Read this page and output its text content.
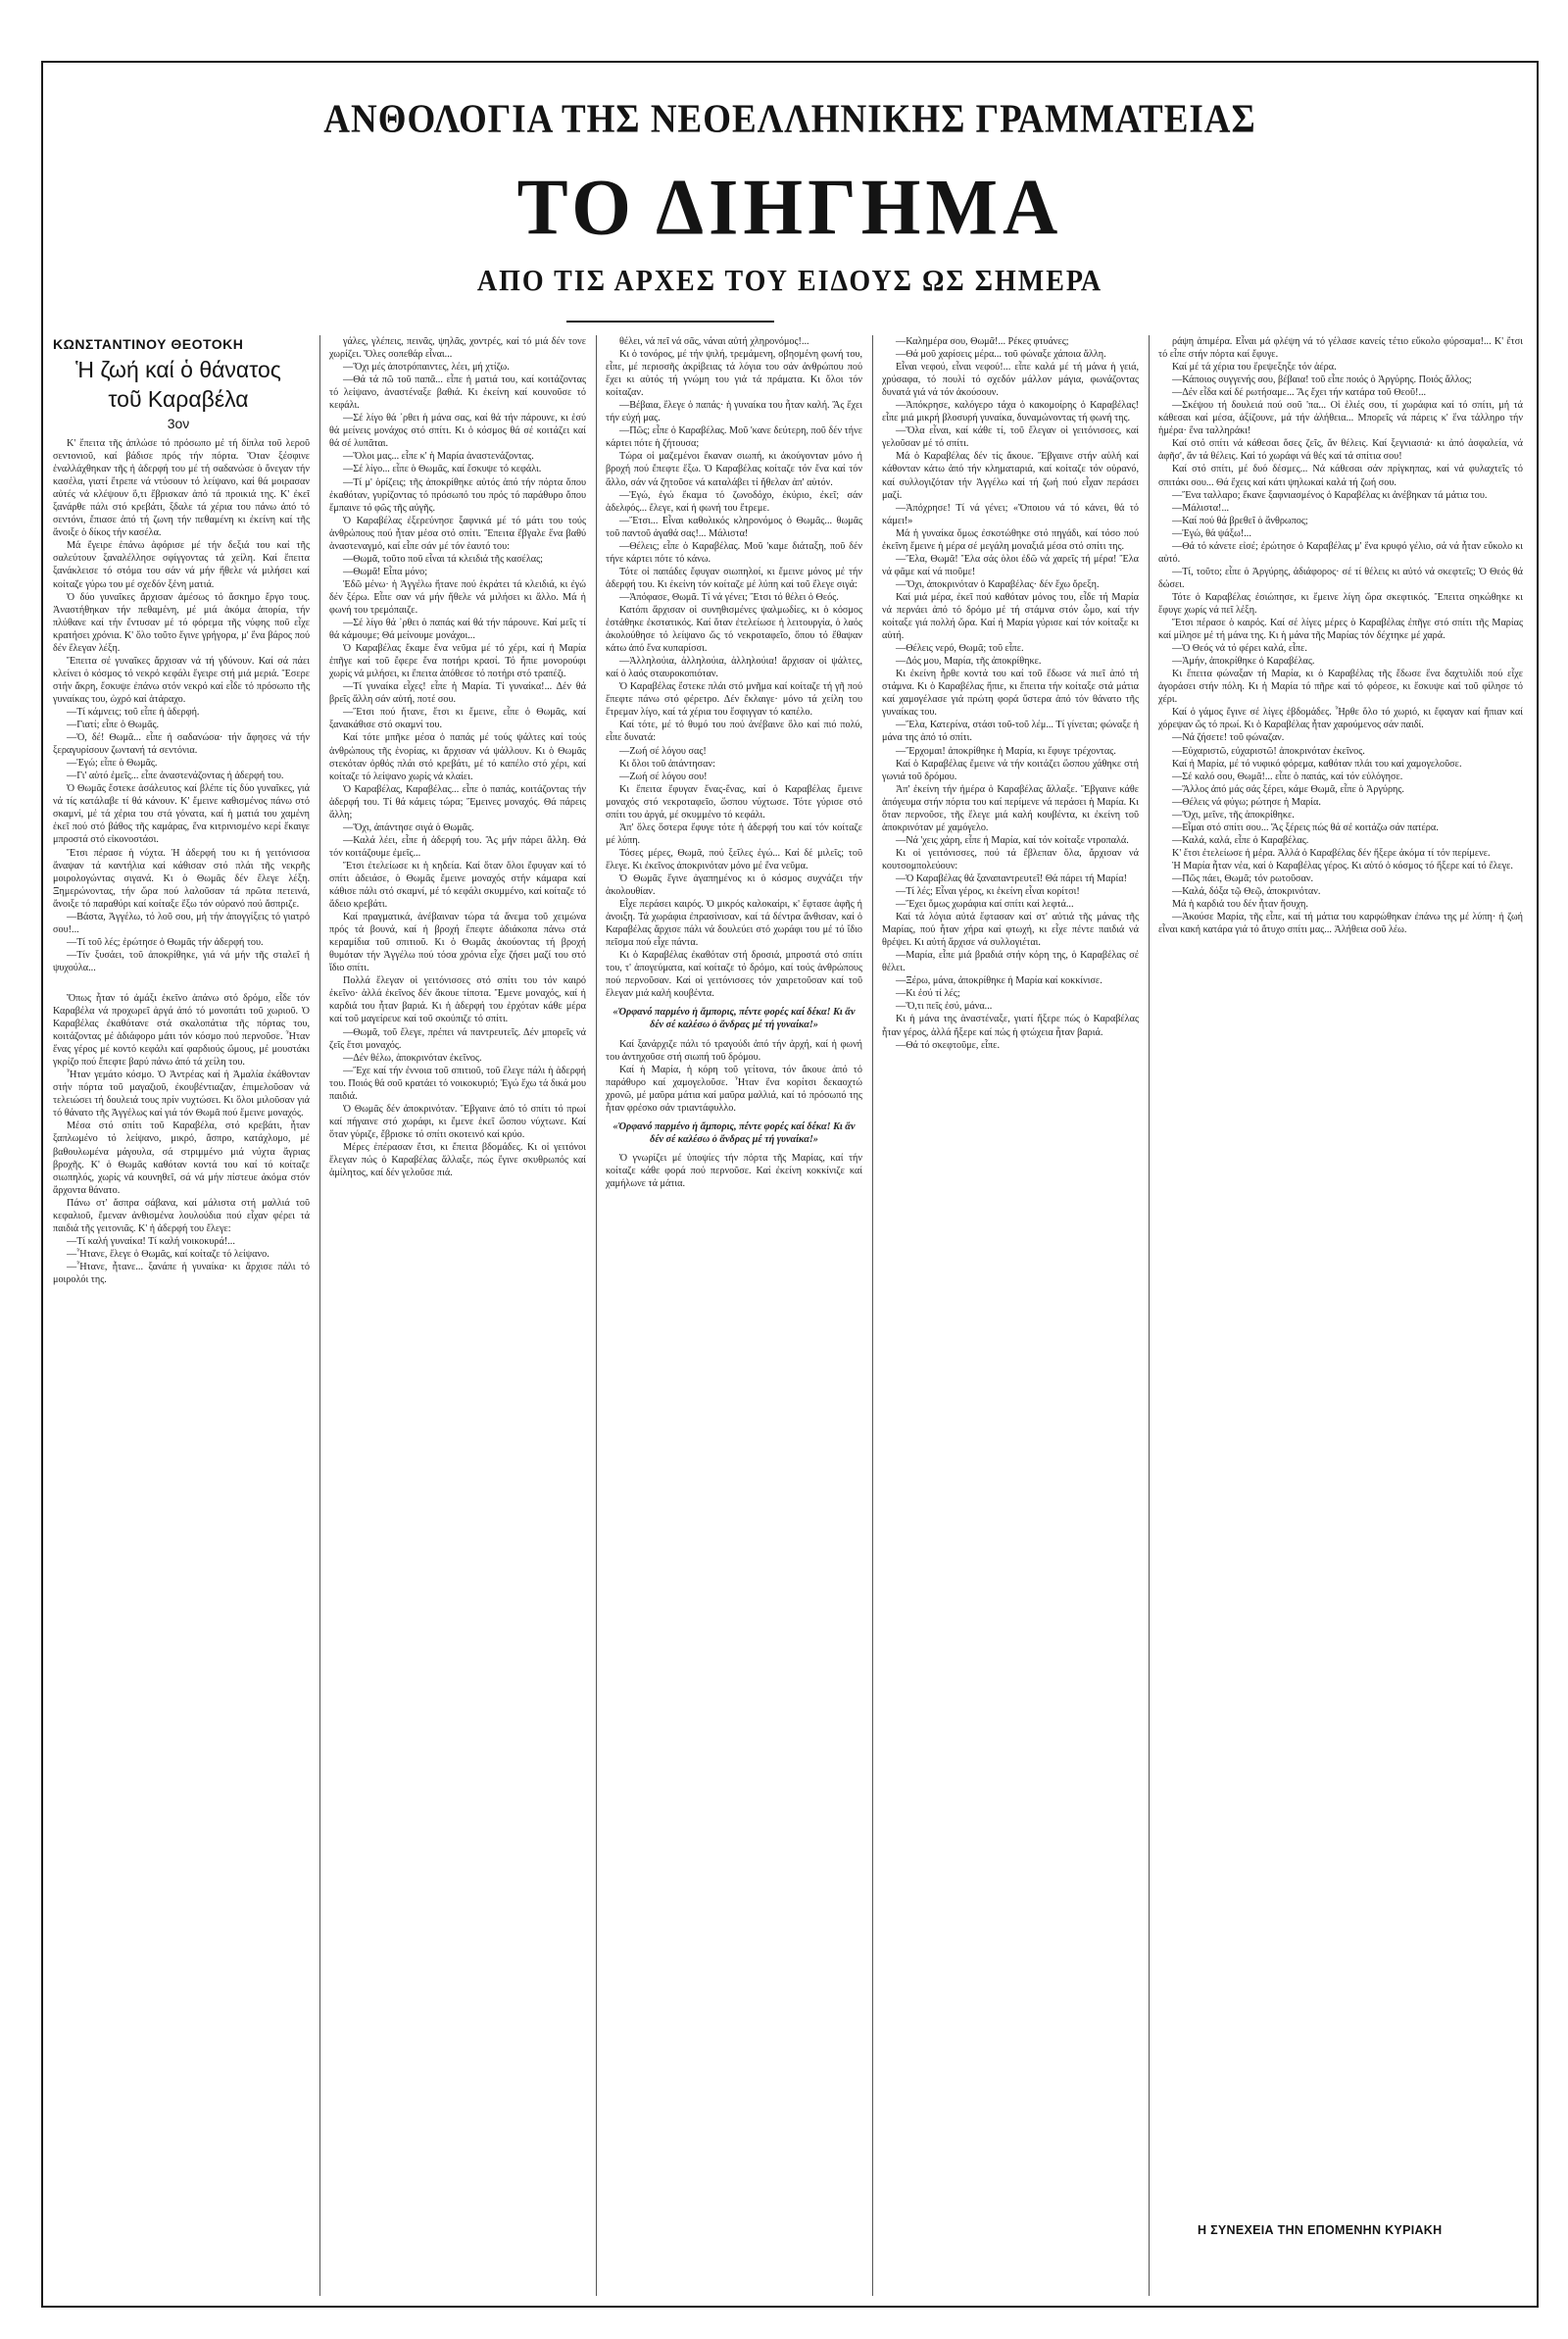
ΑΝΘΟΛΟΓΙΑ ΤΗΣ ΝΕΟΕΛΛΗΝΙΚΗΣ ΓΡΑΜΜΑΤΕΙΑΣ
ΤΟ ΔΙΗΓΗΜΑ
ΑΠΟ ΤΙΣ ΑΡΧΕΣ ΤΟΥ ΕΙΔΟΥΣ ΩΣ ΣΗΜΕΡΑ
ΚΩΝΣΤΑΝΤΙΝΟΥ ΘΕΟΤΟΚΗ
Ἡ ζωή καί ὁ θάνατος
τοῦ Καραβέλα
3ον

Κ' ἔπειτα τῆς ἁπλώσε τό πρόσωπο μέ τή δίπλα τοῦ λεροῦ σεντονιοῦ, καί βάδισε πρός τήν πόρτα. Ὅταν ξέσφινε ἐναλλάχθηκαν τῆς ἡ ἀδερφή του μέ τή σαδανώσε ὁ ὅνεγαν τήν κασέλα, γιατί ἔτρεπε νά ντύσουν τό λείψανο, καί θά μοιρασαν αὐτές νά κλέψουν ὅ,τι ἔβρισκαν ἀπό τά προικιά της. Κ' ἐκεῖ ξανάρθε πάλι στό κρεβάτι, ξδαλε τά χέρια του πάνω ἀπό τό σεντόνι, ἔπιασε ἀπό τή ζωνη τήν πεθαμένη κι ἐκείνη καί τῆς ἄνοιξε ὁ δίκος τήν κασέλα.

Μά ἔγειρε ἐπάνω ἀφόρισε μέ τήν δεξιά του καί τῆς σαλεύτουν ξαναλέλλησε σφίγγοντας τά χείλη. Καί ἔπειτα ξανάκλεισε τό στόμα του σάν νά μήν ἤθελε νά μιλήσει καί κοίταζε γύρω του μέ σχεδόν ξένη ματιά.

Ὁ δύο γυναῖκες ἄρχισαν ἀμέσως τό ἄσκημο ἔργο τους. Ἀναστήθηκαν τήν πεθαμένη, μέ μιά ἀκόμα ἀπορία, τήν πλύθανε καί τήν ἔντυσαν μέ τό φόρεμα τῆς νύφης ποῦ εἶχε κρατήσει χρόνια. Κ' ὅλο τοῦτο ἔγινε γρήγορα, μ' ἕνα βάρος πού δέν ἔλεγαν λέξη.

Ἔπειτα σέ γυναῖκες ἄρχισαν νά τή γδύνουν. Καί σά πάει κλείνει ὁ κόσμος τό νεκρό κεφάλι ἔγειρε στή μιά μεριά. Ἔσερε στήν ἄκρη, ἔσκυψε ἐπάνω στόν νεκρό καί εἶδε τό πρόσωπο τῆς γυναίκας του, ὠχρό καί ἀτάραχο.

—Τί κάμνεις; τοῦ εἶπε ἡ ἀδερφή.

—Γιατί; εἶπε ὁ Θωμᾶς.

—Ὁ, δέ! Θωμᾶ... εἶπε ἡ σαδανώσα· τήν ἄφησες νά τήν ξεραγυρίσουν ζωντανή τά σεντόνια.

—Ἐγώ; εἶπε ὁ Θωμᾶς.

—Γι' αὐτό ἐμεῖς... εἶπε ἀναστενάζοντας ἡ ἀδερφή του.

Ὁ Θωμᾶς ἔστεκε ἀσάλευτος καί βλέπε τίς δύο γυναῖκες, γιά νά τίς κατάλαβε τί θά κάνουν. Κ' ἔμεινε καθισμένος πάνω στό σκαμνί, μέ τά χέρια του στά γόνατα, καί ἡ ματιά του χαμένη ἐκεῖ πού στό βάθος τῆς καμάρας, ἕνα κιτρινισμένο κερί ἔκαιγε μπροστά στό εἰκονοστάσι.

Ἔτσι πέρασε ἡ νύχτα. Ἡ ἀδερφή του κι ἡ γειτόνισσα ἄναψαν τά καντήλια καί κάθισαν στό πλάι τῆς νεκρῆς μοιρολογώντας σιγανά. Κι ὁ Θωμᾶς δέν ἔλεγε λέξη. Ξημερώνοντας, τήν ὥρα πού λαλοῦσαν τά πρῶτα πετεινά, ἄνοιξε τό παραθύρι καί κοίταξε ἔξω τόν οὐρανό πού ἄσπριζε.

—Βάστα, Ἀγγέλω, τό λοῦ σου, μή τήν ἀπογγίξεις τό γιατρό σου!...

—Τί τοῦ λές; ἐρώτησε ὁ Θωμᾶς τήν ἀδερφή του.

—Τίν ξυσάει, τοῦ ἀποκρίθηκε, γιά νά μήν τῆς σταλεῖ ἡ ψυχούλα...

Ὅπως ἦταν τό ἀμάξι ἐκεῖνο ἀπάνω στό δρόμο, εἶδε τόν Καραβέλα νά προχωρεῖ ἀργά ἀπό τό μονοπάτι τοῦ χωριοῦ. Ὁ Καραβέλας ἐκαθότανε στά σκαλοπάτια τῆς πόρτας του, κοιτάζοντας μέ ἀδιάφορο μάτι τόν κόσμο πού περνοῦσε. Ἦταν ἕνας γέρος μέ κοντό κεφάλι καί φαρδιούς ὤμους, μέ μουστάκι γκρίζο πού ἔπεφτε βαρύ πάνω ἀπό τά χείλη του.

Ἦταν γεμάτο κόσμο. Ὁ Ἀντρέας καί ἡ Ἀμαλία ἐκάθονταν στήν πόρτα τοῦ μαγαζιοῦ, ἐκουβέντιαζαν, ἐπιμελοῦσαν νά τελειώσει τή δουλειά τους πρίν νυχτώσει. Κι ὅλοι μιλοῦσαν γιά τό θάνατο τῆς Ἀγγέλως καί γιά τόν Θωμᾶ πού ἔμεινε μοναχός.

Μέσα στό σπίτι τοῦ Καραβέλα, στό κρεβάτι, ἦταν ξαπλωμένο τό λείψανο, μικρό, ἄσπρο, κατάχλομο, μέ βαθουλωμένα μάγουλα, σά στριμμένο μιά νύχτα ἄγριας βροχῆς. Κ' ὁ Θωμᾶς καθόταν κοντά του καί τό κοίταζε σιωπηλός, χωρίς νά κουνηθεῖ, σά νά μήν πίστευε ἀκόμα στόν ἄρχοντα θάνατο.

Πάνω στ' ἄσπρα σάβανα, καί μάλιστα στή μαλλιά τοῦ κεφαλιοῦ, ἔμεναν ἀνθισμένα λουλούδια πού εἶχαν φέρει τά παιδιά τῆς γειτονιᾶς. Κ' ἡ ἀδερφή του ἔλεγε:

—Τί καλή γυναίκα! Τί καλή νοικοκυρά!...

—Ἦτανε, ἔλεγε ὁ Θωμᾶς, καί κοίταζε τό λείψανο.

—Ἦτανε, ἦτανε... ξανάπε ἡ γυναίκα· κι ἄρχισε πάλι τό μοιρολόι της.

γάλες, γλέπεις, πεινᾶς, ψηλᾶς, χοντρές, καί τό μιά δέν τονε χωρίζει. Ὅλες σοπεθάρ εἶναι...

—Ὄχι μές ἀποτρόπαιντες, λέει, μή χτίζω.

—Θά τά πῶ τοῦ παπᾶ... εἶπε ἡ ματιά του, καί κοιτάζοντας τό λείψανο, ἀναστέναξε βαθιά. Κι ἐκείνη καί κουνοῦσε τό κεφάλι.

—Σέ λίγο θά ᾽ρθει ἡ μάνα σας, καί θά τήν πάρουνε, κι ἐσύ θά μείνεις μονάχος στό σπίτι. Κι ὁ κόσμος θά σέ κοιτάζει καί θά σέ λυπᾶται.

—Ὅλοι μας... εἶπε κ' ἡ Μαρία ἀναστενάζοντας.

—Σέ λίγο... εἶπε ὁ Θωμᾶς, καί ἔσκυψε τό κεφάλι.

—Τί μ' ὁρίζεις; τῆς ἀποκρίθηκε αὐτός ἀπό τήν πόρτα ὅπου ἐκαθόταν, γυρίζοντας τό πρόσωπό του πρός τό παράθυρο ὅπου ἔμπαινε τό φῶς τῆς αὐγῆς.

Ὁ Καραβέλας ἐξερεύνησε ξαφνικά μέ τό μάτι του τούς ἀνθρώπους πού ἦταν μέσα στό σπίτι. Ἔπειτα ἔβγαλε ἕνα βαθύ ἀναστεναγμό, καί εἶπε σάν μέ τόν ἑαυτό του:

—Θωμᾶ, τοῦτο ποῦ εἶναι τά κλειδιά τῆς κασέλας;

—Θωμᾶ! Εἶπα μόνο;

Ἐδῶ μένω· ἡ Ἀγγέλω ἤτανε πού ἐκράτει τά κλειδιά, κι ἐγώ δέν ξέρω. Εἶπε σαν νά μήν ἤθελε νά μιλήσει κι ἄλλο. Μά ἡ φωνή του τρεμόπαιζε.

—Σέ λίγο θά ᾽ρθει ὁ παπάς καί θά τήν πάρουνε. Καί μεῖς τί θά κάμουμε; Θά μείνουμε μονάχοι...

Ὁ Καραβέλας ἔκαμε ἕνα νεῦμα μέ τό χέρι, καί ἡ Μαρία ἐπῆγε καί τοῦ ἔφερε ἕνα ποτήρι κρασί. Τό ἤπιε μονορούφι χωρίς νά μιλήσει, κι ἔπειτα ἀπόθεσε τό ποτήρι στό τραπέζι.

—Τί γυναίκα εἶχες! εἶπε ἡ Μαρία. Τί γυναίκα!... Δέν θά βρεῖς ἄλλη σάν αὐτή, ποτέ σου.

—Ἔτσι πού ἤτανε, ἔτσι κι ἔμεινε, εἶπε ὁ Θωμᾶς, καί ξανακάθισε στό σκαμνί του.

Καί τότε μπῆκε μέσα ὁ παπάς μέ τούς ψάλτες καί τούς ἀνθρώπους τῆς ἐνορίας, κι ἄρχισαν νά ψάλλουν. Κι ὁ Θωμᾶς στεκόταν ὀρθός πλάι στό κρεβάτι, μέ τό καπέλο στό χέρι, καί κοίταζε τό λείψανο χωρίς νά κλαίει.

Ὁ Καραβέλας, Καραβέλας... εἶπε ὁ παπάς, κοιτάζοντας τήν ἀδερφή του. Τί θά κάμεις τώρα; Ἔμεινες μοναχός. Θά πάρεις ἄλλη;

—Ὄχι, ἀπάντησε σιγά ὁ Θωμᾶς.

—Καλά λέει, εἶπε ἡ ἀδερφή του. Ἄς μήν πάρει ἄλλη. Θά τόν κοιτάζουμε ἐμεῖς...

Ἔτσι ἐτελείωσε κι ἡ κηδεία. Καί ὅταν ὅλοι ἔφυγαν καί τό σπίτι ἀδειάσε, ὁ Θωμᾶς ἔμεινε μοναχός στήν κάμαρα καί κάθισε πάλι στό σκαμνί, μέ τό κεφάλι σκυμμένο, καί κοίταζε τό ἄδειο κρεβάτι.

Καί πραγματικά, ἀνέβαιναν τώρα τά ἄνεμα τοῦ χειμώνα πρός τά βουνά, καί ἡ βροχή ἔπεφτε ἀδιάκοπα πάνω στά κεραμίδια τοῦ σπιτιοῦ. Κι ὁ Θωμᾶς ἀκούοντας τή βροχή θυμόταν τήν Ἀγγέλω πού τόσα χρόνια εἶχε ζήσει μαζί του στό ἴδιο σπίτι.

Πολλά ἔλεγαν οἱ γειτόνισσες στό σπίτι του τόν καιρό ἐκεῖνο· ἀλλά ἐκεῖνος δέν ἄκουε τίποτα. Ἔμενε μοναχός, καί ἡ καρδιά του ἦταν βαριά. Κι ἡ ἀδερφή του ἐρχόταν κάθε μέρα καί τοῦ μαγείρευε καί τοῦ σκούπιζε τό σπίτι.

—Θωμᾶ, τοῦ ἔλεγε, πρέπει νά παντρευτεῖς. Δέν μπορεῖς νά ζεῖς ἔτσι μοναχός.

—Δέν θέλω, ἀποκρινόταν ἐκεῖνος.

—Ἔχε καί τήν ἐννοια τοῦ σπιτιοῦ, τοῦ ἔλεγε πάλι ἡ ἀδερφή του. Ποιός θά σοῦ κρατάει τό νοικοκυριό; Ἐγώ ἔχω τά δικά μου παιδιά.

Ὁ Θωμᾶς δέν ἀποκρινόταν. Ἔβγαινε ἀπό τό σπίτι τό πρωί καί πήγαινε στό χωράφι, κι ἔμενε ἐκεῖ ὥσπου νύχτωνε. Καί ὅταν γύριζε, ἔβρισκε τό σπίτι σκοτεινό καί κρύο.

Μέρες ἐπέρασαν ἔτσι, κι ἔπειτα βδομάδες. Κι οἱ γειτόνοι ἔλεγαν πώς ὁ Καραβέλας ἄλλαξε, πώς ἔγινε σκυθρωπός καί ἀμίλητος, καί δέν γελοῦσε πιά.

θέλει, νά πεῖ νά σᾶς, νάναι αὐτή χληρονόμος!...

Κι ὁ τονόρος, μέ τήν ψιλή, τρεμάμενη, σβησμένη φωνή του, εἶπε, μέ περισσῆς ἀκρίβειας τά λόγια του σάν ἀνθρώπου πού ἔχει κι αὐτός τή γνώμη του γιά τά πράματα. Κι ὅλοι τόν κοίταζαν.

—Βέβαια, ἔλεγε ὁ παπάς· ἡ γυναίκα του ἦταν καλή. Ἄς ἔχει τήν εὐχή μας.

—Πῶς; εἶπε ὁ Καραβέλας. Μοῦ 'κανε δεύτερη, ποῦ δέν τήνε κάρτει πότε ἡ ζήτουσα;

Τώρα οἱ μαζεμένοι ἔκαναν σιωπή, κι ἀκούγονταν μόνο ἡ βροχή πού ἔπεφτε ἔξω. Ὁ Καραβέλας κοίταζε τόν ἕνα καί τόν ἄλλο, σάν νά ζητοῦσε νά καταλάβει τί ἤθελαν ἀπ' αὐτόν.

—Ἐγώ, ἐγώ ἔκαμα τό ζωνοδόχο, ἐκύριο, ἐκεῖ; σάν ἀδελφός... ἔλεγε, καί ἡ φωνή του ἔτρεμε.

—Ἔτσι... Εἶναι καθολικός κληρονόμος ὁ Θωμᾶς... θωμᾶς τοῦ παντοῦ ἀγαθά σας!... Μάλιστα!

—Θέλεις; εἶπε ὁ Καραβέλας. Μοῦ 'καμε διάταξη, ποῦ δέν τήνε κάρτει πότε τό κάνω.

Τότε οἱ παπάδες ἔφυγαν σιωπηλοί, κι ἔμεινε μόνος μέ τήν ἀδερφή του. Κι ἐκείνη τόν κοίταζε μέ λύπη καί τοῦ ἔλεγε σιγά:

—Ἀπόφασε, Θωμᾶ. Τί νά γένει; Ἔτσι τό θέλει ὁ Θεός.

Κατόπι ἄρχισαν οἱ συνηθισμένες ψαλμωδίες, κι ὁ κόσμος ἐστάθηκε ἐκστατικός. Καί ὅταν ἐτελείωσε ἡ λειτουργία, ὁ λαός ἀκολούθησε τό λείψανο ὥς τό νεκροταφεῖο, ὅπου τό ἔθαψαν κάτω ἀπό ἕνα κυπαρίσσι.

—Ἀλληλούια, ἀλληλούια, ἀλληλούια! ἄρχισαν οἱ ψάλτες, καί ὁ λαός σταυροκοπιόταν.

Ὁ Καραβέλας ἔστεκε πλάι στό μνῆμα καί κοίταζε τή γῆ πού ἔπεφτε πάνω στό φέρετρο. Δέν ἔκλαιγε· μόνο τά χείλη του ἔτρεμαν λίγο, καί τά χέρια του ἔσφιγγαν τό καπέλο.

Καί τότε, μέ τό θυμό του πού ἀνέβαινε ὅλο καί πιό πολύ, εἶπε δυνατά:

—Ζωή σέ λόγου σας!

Κι ὅλοι τοῦ ἀπάντησαν:

—Ζωή σέ λόγου σου!

Κι ἔπειτα ἔφυγαν ἕνας-ἕνας, καί ὁ Καραβέλας ἔμεινε μοναχός στό νεκροταφεῖο, ὥσπου νύχτωσε. Τότε γύρισε στό σπίτι του ἀργά, μέ σκυμμένο τό κεφάλι.

Ἀπ' ὅλες ὅστερα ἔφυγε τότε ἡ ἀδερφή του καί τόν κοίταζε μέ λύπη.

Τόσες μέρες, Θωμᾶ, πού ξεῖλες ἐγώ... Καί δέ μιλεῖς; τοῦ ἔλεγε. Κι ἐκεῖνος ἀποκρινόταν μόνο μέ ἕνα νεῦμα.

Ὁ Θωμᾶς ἔγινε ἀγαπημένος κι ὁ κόσμος συχνάζει τήν ἀκολουθίαν.

Εἶχε περάσει καιρός. Ὁ μικρός καλοκαίρι, κ' ἔφτασε ἀφῆς ἡ ἀνοιξη. Τά χωράφια ἐπρασίνισαν, καί τά δέντρα ἄνθισαν, καί ὁ Καραβέλας ἄρχισε πάλι νά δουλεύει στό χωράφι του μέ τό ἴδιο πεῖσμα πού εἶχε πάντα.

Κι ὁ Καραβέλας ἐκαθόταν στή δροσιά, μπροστά στό σπίτι του, τ' ἀπογεύματα, καί κοίταζε τό δρόμο, καί τούς ἀνθρώπους πού περνοῦσαν. Καί οἱ γειτόνισσες τόν χαιρετοῦσαν καί τοῦ ἔλεγαν μιά καλή κουβέντα.

«Ὀρφανό παρμένο ἡ ἄμπορις, πέντε φορές καί δέκα! Κι ἄν δέν σέ καλέσω ὁ ἄνδρας μέ τή γυναίκα!»

Καί ξανάρχιζε πάλι τό τραγούδι ἀπό τήν ἀρχή, καί ἡ φωνή του ἀντηχοῦσε στή σιωπή τοῦ δρόμου.

Καί ἡ Μαρία, ἡ κόρη τοῦ γείτονα, τόν ἄκουε ἀπό τό παράθυρο καί χαμογελοῦσε. Ἦταν ἕνα κορίτσι δεκαοχτώ χρονῶ, μέ μαῦρα μάτια καί μαῦρα μαλλιά, καί τό πρόσωπό της ἦταν φρέσκο σάν τριαντάφυλλο.

«Ὀρφανό παρμένο ἡ ἄμπορις, πέντε φορές καί δέκα! Κι ἄν δέν σέ καλέσω ὁ ἄνδρας μέ τή γυναίκα!»

Ὁ γνωρίζει μέ ὑποψίες τήν πόρτα τῆς Μαρίας, καί τήν κοίταζε κάθε φορά πού περνοῦσε. Καί ἐκείνη κοκκίνιζε καί χαμήλωνε τά μάτια.

—Καλημέρα σου, Θωμᾶ!... Ρέκες φτυάνες;

—Θά μοῦ χαρίσεις μέρα... τοῦ φώναξε χάποια ἄλλη.

Εἶναι νεφού, εἶναι νεφού!... εἶπε καλά μέ τή μάνα ἡ γειά, χρύσαφα, τό πουλί τό σχεδόν μάλλον μάγια, φωνάζοντας δυνατά γιά νά τόν ἀκούσουν.

—Ἀπόκρησε, καλόγερο τάχα ὁ κακομοίρης ὁ Καραβέλας! εἶπε μιά μικρή βλοσυρή γυναίκα, δυναμώνοντας τή φωνή της.

—Ὅλα εἶναι, καί κάθε τί, τοῦ ἔλεγαν οἱ γειτόνισσες, καί γελοῦσαν μέ τό σπίτι.

Μά ὁ Καραβέλας δέν τίς ἄκουε. Ἔβγαινε στήν αὐλή καί κάθονταν κάτω ἀπό τήν κληματαριά, καί κοίταζε τόν οὐρανό, καί συλλογιζόταν τήν Ἀγγέλω καί τή ζωή πού εἶχαν περάσει μαζί.

—Ἀπόχρησε! Τί νά γένει; «Ὅποιου νά τό κάνει, θά τό κάμει!»

Μά ἡ γυναίκα ὅμως ἐσκοτώθηκε στό πηγάδι, καί τόσο πού ἐκεῖνη ἔμεινε ἡ μέρα σέ μεγάλη μοναξιά μέσα στό σπίτι της.

—Ἔλα, Θωμᾶ! Ἔλα σάς ὁλοι ἐδῶ νά χαρεῖς τή μέρα! Ἔλα νά φᾶμε καί νά πιοῦμε!

—Ὄχι, ἀποκρινόταν ὁ Καραβέλας· δέν ἔχω ὄρεξη.

Καί μιά μέρα, ἐκεῖ πού καθόταν μόνος του, εἶδε τή Μαρία νά περνάει ἀπό τό δρόμο μέ τή στάμνα στόν ὦμο, καί τήν κοίταξε γιά πολλή ὥρα. Καί ἡ Μαρία γύρισε καί τόν κοίταξε κι αὐτή.

—Θέλεις νερό, Θωμᾶ; τοῦ εἶπε.

—Δός μου, Μαρία, τῆς ἀποκρίθηκε.

Κι ἐκείνη ἦρθε κοντά του καί τοῦ ἔδωσε νά πιεῖ ἀπό τή στάμνα. Κι ὁ Καραβέλας ἤπιε, κι ἔπειτα τήν κοίταξε στά μάτια καί χαμογέλασε γιά πρώτη φορά ὕστερα ἀπό τόν θάνατο τῆς γυναίκας του.

—Ἔλα, Κατερίνα, στάσι τοῦ-τοῦ λέμ... Τί γίνεται; φώναξε ἡ μάνα της ἀπό τό σπίτι.

—Ἔρχομαι! ἀποκρίθηκε ἡ Μαρία, κι ἔφυγε τρέχοντας.

Καί ὁ Καραβέλας ἔμεινε νά τήν κοιτάζει ὥσπου χάθηκε στή γωνιά τοῦ δρόμου.

Ἀπ' ἐκείνη τήν ἡμέρα ὁ Καραβέλας ἄλλαξε. Ἔβγαινε κάθε ἀπόγευμα στήν πόρτα του καί περίμενε νά περάσει ἡ Μαρία. Κι ὅταν περνοῦσε, τῆς ἔλεγε μιά καλή κουβέντα, κι ἐκείνη τοῦ ἀποκρινόταν μέ χαμόγελο.

—Νά 'χεις χάρη, εἶπε ἡ Μαρία, καί τόν κοίταξε ντροπαλά.

Κι οἱ γειτόνισσες, πού τά ἔβλεπαν ὅλα, ἄρχισαν νά κουτσομπολεύουν:

—Ὁ Καραβέλας θά ξαναπαντρευτεῖ! Θά πάρει τή Μαρία!

—Τί λές; Εἶναι γέρος, κι ἐκείνη εἶναι κορίτσι!

—Ἔχει ὅμως χωράφια καί σπίτι καί λεφτά...

Καί τά λόγια αὐτά ἔφτασαν καί στ' αὐτιά τῆς μάνας τῆς Μαρίας, πού ἦταν χήρα καί φτωχή, κι εἶχε πέντε παιδιά νά θρέψει. Κι αὐτή ἄρχισε νά συλλογιέται.

—Μαρία, εἶπε μιά βραδιά στήν κόρη της, ὁ Καραβέλας σέ θέλει.

—Ξέρω, μάνα, ἀποκρίθηκε ἡ Μαρία καί κοκκίνισε.

—Κι ἐσύ τί λές;

—Ὅ,τι πεῖς ἐσύ, μάνα...

Κι ἡ μάνα της ἀναστέναξε, γιατί ἤξερε πώς ὁ Καραβέλας ἦταν γέρος, ἀλλά ἤξερε καί πώς ἡ φτώχεια ἦταν βαριά.

—Θά τό σκεφτοῦμε, εἶπε.

ράψη ἀπιμέρα. Εἶναι μά φλέψη νά τό γέλασε κανείς τέτιο εὔκολο φύρσαμα!... Κ' ἔτσι τό εἶπε στήν πόρτα καί ἔφυγε.

Καί μέ τά χέρια του ἔρεψεξηξε τόν ἀέρα.

—Κάποιος συγγενής σου, βέβαια! τοῦ εἶπε ποιός ὁ Ἀργύρης. Ποιός ἄλλος;

—Δέν εἶδα καί δέ ρωτήσαμε... Ἄς ἔχει τήν κατάρα τοῦ Θεοῦ!...

—Σκέψου τή δουλειά πού σοῦ 'πα... Οἱ ἐλιές σου, τί χωράφια καί τό σπίτι, μή τά κάθεσαι καί μέσα, ἀξίζουνε, μά τήν ἀλήθεια... Μπορεῖς νά πάρεις κ' ἕνα τάλληρο τήν ἡμέρα· ἕνα ταλληράκι!

Καί στό σπίτι νά κάθεσαι ὅσες ζεῖς, ἄν θέλεις. Καί ξεγνιασιά· κι ἀπό ἀσφαλεία, νά ἀφῆσ', ἄν τά θέλεις. Καί τό χωράφι νά θές καί τά σπίτια σου!

Καί στό σπίτι, μέ δυό δέσμες... Νά κάθεσαι σάν πρίγκηπας, καί νά φυλαχτεῖς τό σπιτάκι σου... Θά ἔχεις καί κάτι ψηλωκαί καλά τή ζωή σου.

—Ἔνα ταλλαρο; ἔκανε ξαφνιασμένος ὁ Καραβέλας κι ἀνέβηκαν τά μάτια του.

—Μάλιστα!...

—Καί πού θά βρεθεῖ ὁ ἄνθρωπος;

—Ἐγώ, θά ψάξω!...

—Θά τό κάνετε εἰσέ; ἐρώτησε ὁ Καραβέλας μ' ἕνα κρυφό γέλιο, σά νά ἦταν εὔκολο κι αὐτό.

—Τί, τοῦτο; εἶπε ὁ Ἀργύρης, ἀδιάφορος· σέ τί θέλεις κι αὐτό νά σκεφτεῖς; Ὁ Θεός θά δώσει.

Τότε ὁ Καραβέλας ἐσιώπησε, κι ἔμεινε λίγη ὥρα σκεφτικός. Ἔπειτα σηκώθηκε κι ἔφυγε χωρίς νά πεῖ λέξη.

Ἔτσι πέρασε ὁ καιρός. Καί σέ λίγες μέρες ὁ Καραβέλας ἐπῆγε στό σπίτι τῆς Μαρίας καί μίλησε μέ τή μάνα της. Κι ἡ μάνα τῆς Μαρίας τόν δέχτηκε μέ χαρά.

—Ὁ Θεός νά τό φέρει καλά, εἶπε.

—Ἀμήν, ἀποκρίθηκε ὁ Καραβέλας.

Κι ἔπειτα φώναξαν τή Μαρία, κι ὁ Καραβέλας τῆς ἔδωσε ἕνα δαχτυλίδι πού εἶχε ἀγοράσει στήν πόλη. Κι ἡ Μαρία τό πῆρε καί τό φόρεσε, κι ἔσκυψε καί τοῦ φίλησε τό χέρι.

Καί ὁ γάμος ἔγινε σέ λίγες ἑβδομάδες. Ἦρθε ὅλο τό χωριό, κι ἔφαγαν καί ἤπιαν καί χόρεψαν ὥς τό πρωί. Κι ὁ Καραβέλας ἦταν χαρούμενος σάν παιδί.

—Νά ζήσετε! τοῦ φώναζαν.

—Εὐχαριστῶ, εὐχαριστῶ! ἀποκρινόταν ἐκεῖνος.

Καί ἡ Μαρία, μέ τό νυφικό φόρεμα, καθόταν πλάι του καί χαμογελοῦσε.

—Σέ καλό σου, Θωμᾶ!... εἶπε ὁ παπάς, καί τόν εὐλόγησε.

—Ἄλλος ἀπό μάς σάς ξέρει, κάμε Θωμᾶ, εἶπε ὁ Ἀργύρης.

—Θέλεις νά φύγω; ρώτησε ἡ Μαρία.

—Ὄχι, μεῖνε, τῆς ἀποκρίθηκε.

—Εἶμαι στό σπίτι σου... Ἄς ξέρεις πώς θά σέ κοιτάζω σάν πατέρα.

—Καλά, καλά, εἶπε ὁ Καραβέλας.

Κ' ἔτσι ἐτελείωσε ἡ μέρα. Ἀλλά ὁ Καραβέλας δέν ἤξερε ἀκόμα τί τόν περίμενε.

Ἡ Μαρία ἦταν νέα, καί ὁ Καραβέλας γέρος. Κι αὐτό ὁ κόσμος τό ἤξερε καί τό ἔλεγε.

—Πῶς πάει, Θωμᾶ; τόν ρωτοῦσαν.

—Καλά, δόξα τῷ Θεῷ, ἀποκρινόταν.

Μά ἡ καρδιά του δέν ἦταν ἥσυχη.

—Ἀκούσε Μαρία, τῆς εἶπε, καί τή μάτια του καρφώθηκαν ἐπάνω της μέ λύπη· ἡ ζωή εἶναι κακή κατάρα γιά τό ἄτυχο σπίτι μας... Ἀλήθεια σοῦ λέω.

Η ΣΥΝΕΧΕΙΑ ΤΗΝ ΕΠΟΜΕΝΗΝ ΚΥΡΙΑΚΗ
